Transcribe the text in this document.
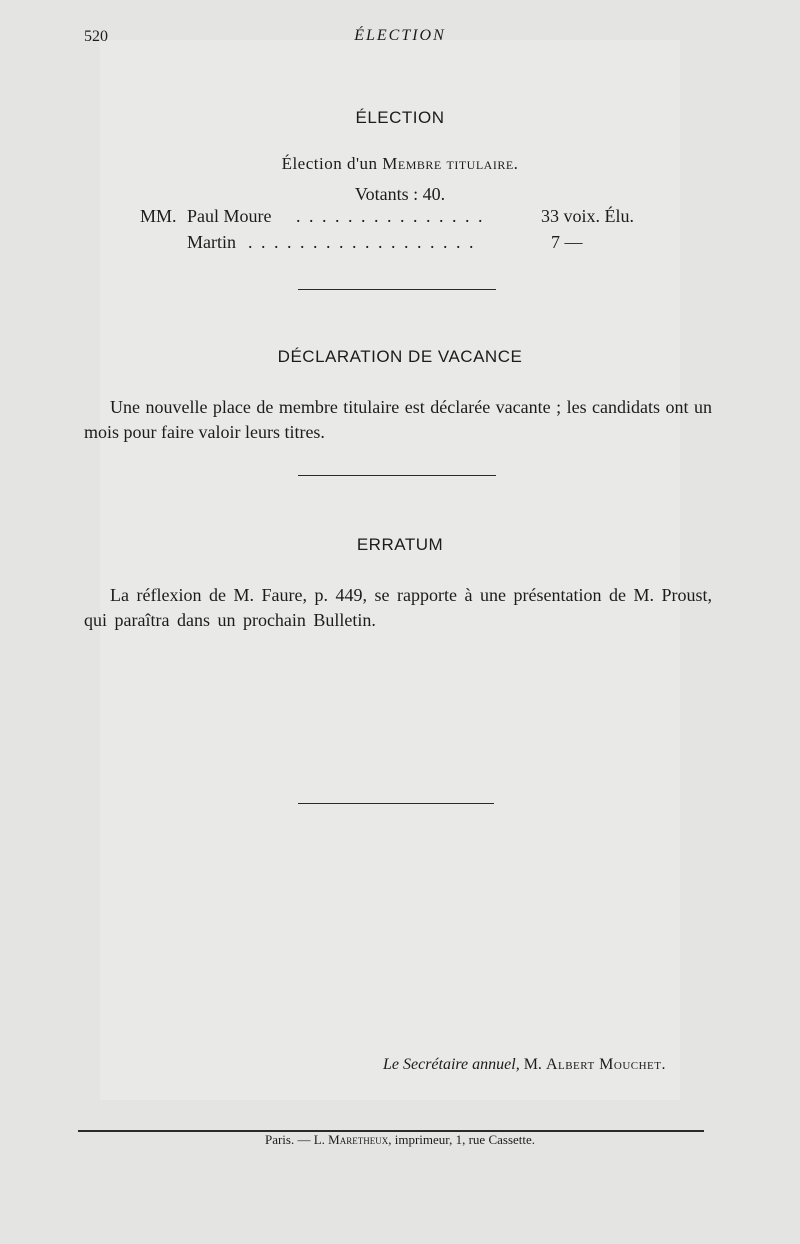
520	ÉLECTION
ÉLECTION
Élection d'un Membre titulaire.
Votants : 40.
MM. Paul Moure . . . . . . . . . . . . . . .	33 voix. Élu.
Martin . . . . . . . . . . . . . . . . . .	7 —
DÉCLARATION DE VACANCE
Une nouvelle place de membre titulaire est déclarée vacante ; les candidats ont un mois pour faire valoir leurs titres.
ERRATUM
La réflexion de M. Faure, p. 449, se rapporte à une présentation de M. Proust, qui paraîtra dans un prochain Bulletin.
Le Secrétaire annuel, M. Albert Mouchet.
Paris. — L. Maretheux, imprimeur, 1, rue Cassette.
